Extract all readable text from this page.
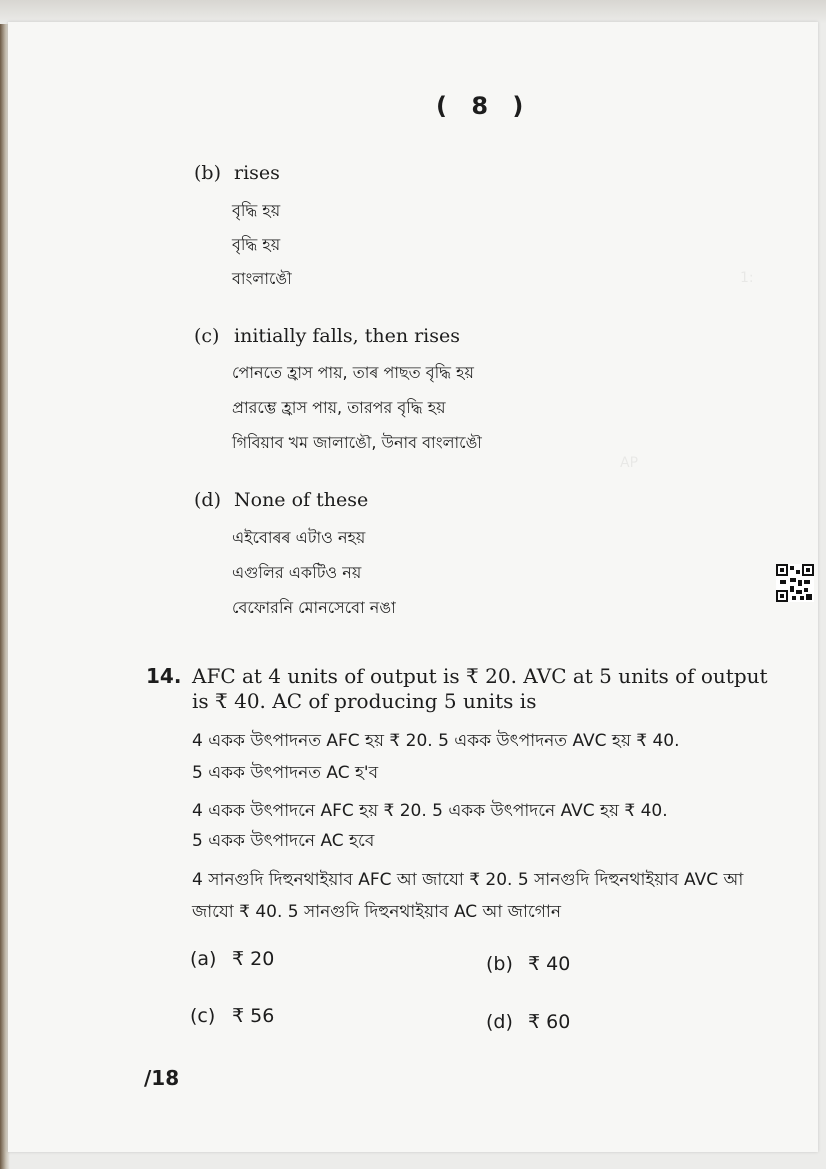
1:
AP
( 8 )
(b) rises
বৃদ্ধি হয়
বৃদ্ধি হয়
বাংলাঙৌ
(c) initially falls, then rises
পোনতে হ্রাস পায়, তাৰ পাছত বৃদ্ধি হয়
প্রারম্ভে হ্রাস পায়, তারপর বৃদ্ধি হয়
গিবিয়াব খম জালাঙৌ, উনাব বাংলাঙৌ
(d) None of these
এইবোৰৰ এটাও নহয়
এগুলির একটিও নয়
বেফোরনি মোনসেবো নঙা
14. AFC at 4 units of output is ₹ 20. AVC at 5 units of output
is ₹ 40. AC of producing 5 units is
4 একক উৎপাদনত AFC হয় ₹ 20. 5 একক উৎপাদনত AVC হয় ₹ 40.
5 একক উৎপাদনত AC হ'ব
4 একক উৎপাদনে AFC হয় ₹ 20. 5 একক উৎপাদনে AVC হয় ₹ 40.
5 একক উৎপাদনে AC হবে
4 সানগুদি দিহুনথাইয়াব AFC আ জাযো ₹ 20. 5 সানগুদি দিহুনথাইয়াব AVC আ
জাযো ₹ 40. 5 সানগুদি দিহুনথাইয়াব AC আ জাগোন
(a) ₹ 20	(b) ₹ 40
(c) ₹ 56	(d) ₹ 60
/18
